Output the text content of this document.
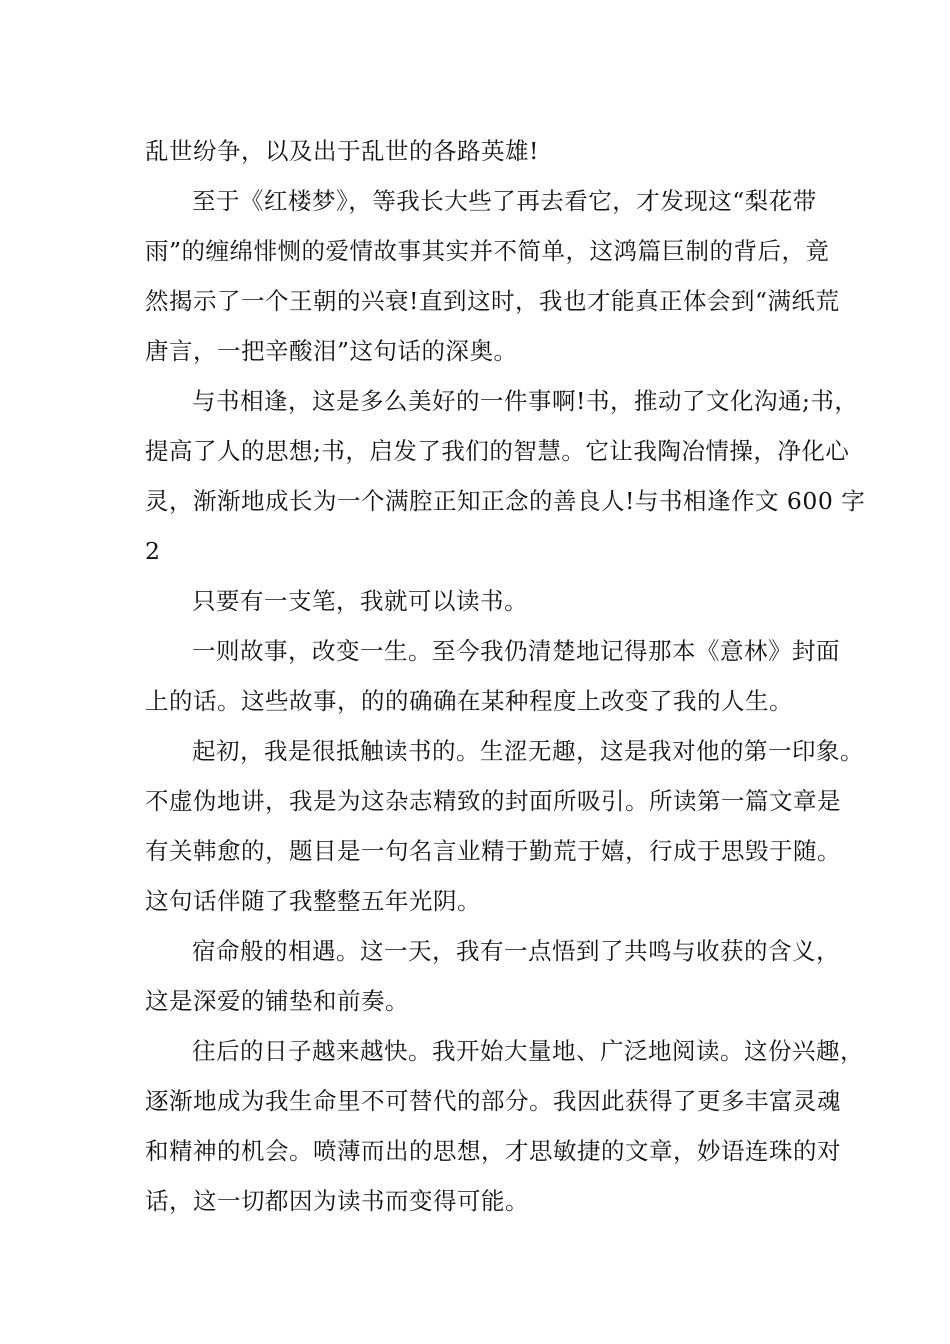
乱世纷争，以及出于乱世的各路英雄!
至于《红楼梦》，等我长大些了再去看它，才发现这“梨花带
雨”的缠绵悱恻的爱情故事其实并不简单，这鸿篇巨制的背后，竟
然揭示了一个王朝的兴衰!直到这时，我也才能真正体会到“满纸荒
唐言，一把辛酸泪”这句话的深奥。
与书相逢，这是多么美好的一件事啊!书，推动了文化沟通;书，
提高了人的思想;书，启发了我们的智慧。它让我陶冶情操，净化心
灵，渐渐地成长为一个满腔正知正念的善良人!与书相逢作文 600 字
2
只要有一支笔，我就可以读书。
一则故事，改变一生。至今我仍清楚地记得那本《意林》封面
上的话。这些故事，的的确确在某种程度上改变了我的人生。
起初，我是很抵触读书的。生涩无趣，这是我对他的第一印象。
不虚伪地讲，我是为这杂志精致的封面所吸引。所读第一篇文章是
有关韩愈的，题目是一句名言业精于勤荒于嬉，行成于思毁于随。
这句话伴随了我整整五年光阴。
宿命般的相遇。这一天，我有一点悟到了共鸣与收获的含义，
这是深爱的铺垫和前奏。
往后的日子越来越快。我开始大量地、广泛地阅读。这份兴趣，
逐渐地成为我生命里不可替代的部分。我因此获得了更多丰富灵魂
和精神的机会。喷薄而出的思想，才思敏捷的文章，妙语连珠的对
话，这一切都因为读书而变得可能。
